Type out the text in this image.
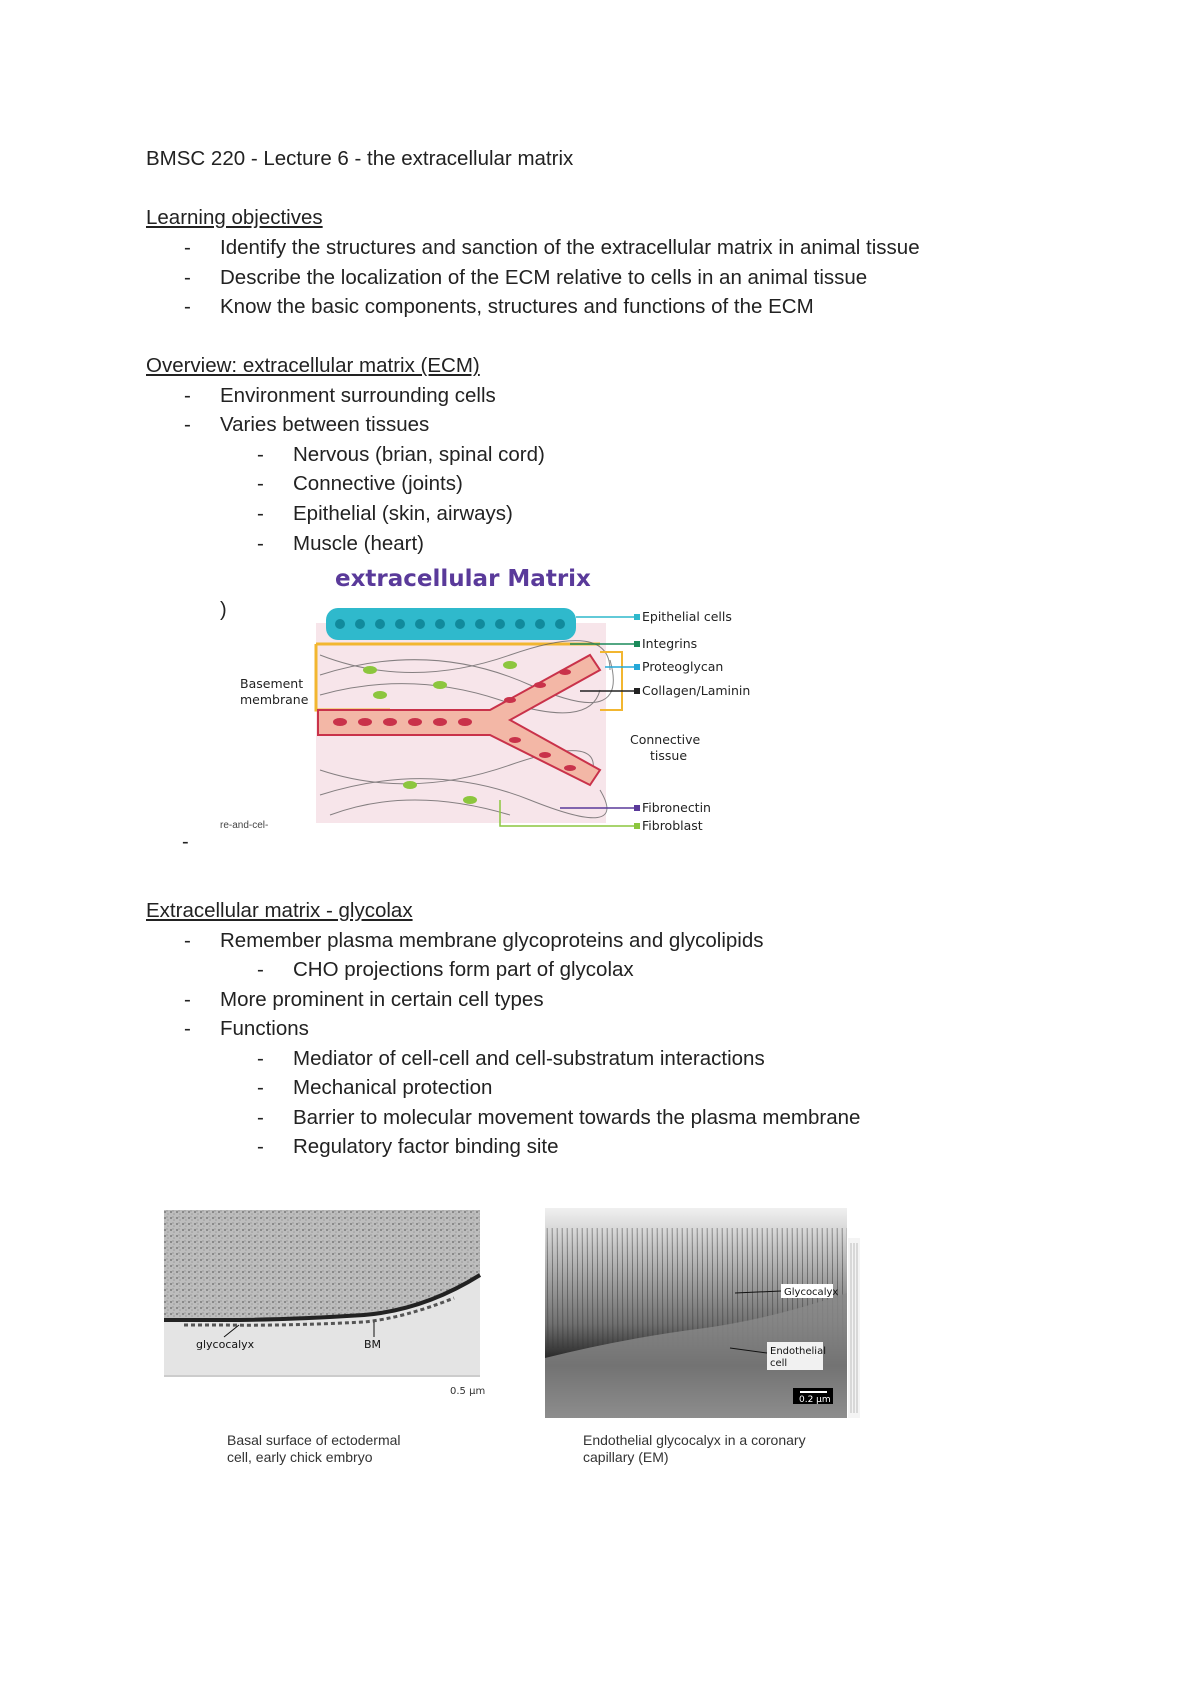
BMSC 220 - Lecture 6 - the extracellular matrix
Learning objectives
- Identify the structures and sanction of the extracellular matrix in animal tissue
- Describe the localization of the ECM relative to cells in an animal tissue
- Know the basic components, structures and functions of the ECM
Overview: extracellular matrix (ECM)
- Environment surrounding cells
- Varies between tissues
- Nervous (brian, spinal cord)
- Connective (joints)
- Epithelial (skin, airways)
- Muscle (heart)
extracellular Matrix
)
Basement
membrane
Connective
tissue
Epithelial cells
Integrins
Proteoglycan
Collagen/Laminin
Fibronectin
Fibroblast
re-and-cel-
-
Extracellular matrix - glycolax
- Remember plasma membrane glycoproteins and glycolipids
- CHO projections form part of glycolax
- More prominent in certain cell types
- Functions
- Mediator of cell-cell and cell-substratum interactions
- Mechanical protection
- Barrier to molecular movement towards the plasma membrane
- Regulatory factor binding site
glycocalyx	BM
0.5 µm
Basal surface of ectodermal
cell, early chick embryo
Glycocalyx
Endothelial
cell
0.2 µm
Endothelial glycocalyx in a coronary
capillary (EM)
